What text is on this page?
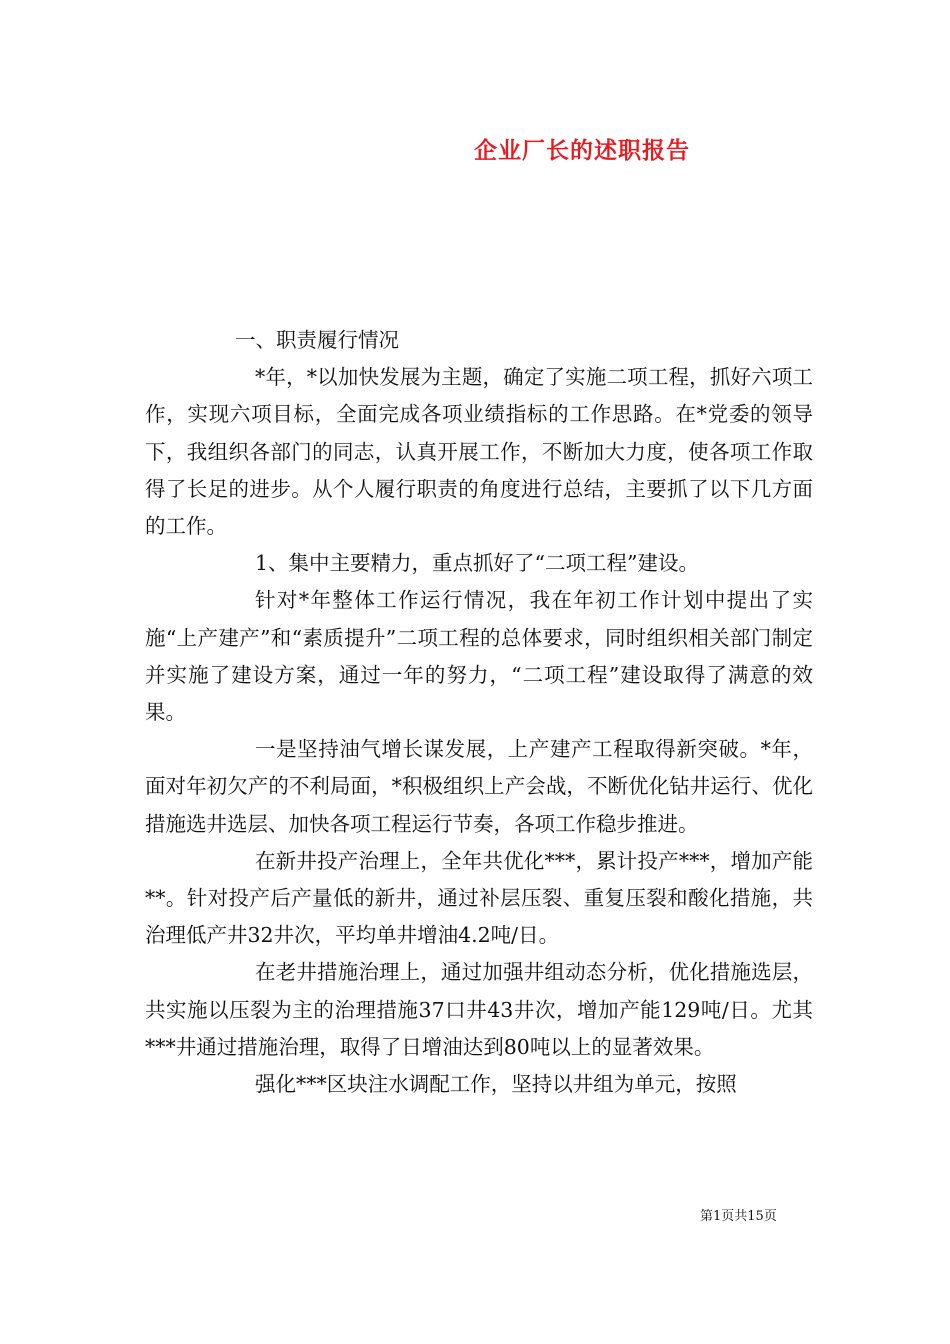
企业厂长的述职报告

一、职责履行情况

*年，*以加快发展为主题，确定了实施二项工程，抓好六项工作，实现六项目标，全面完成各项业绩指标的工作思路。在*党委的领导下，我组织各部门的同志，认真开展工作，不断加大力度，使各项工作取得了长足的进步。从个人履行职责的角度进行总结，主要抓了以下几方面的工作。

1、集中主要精力，重点抓好了“二项工程”建设。

针对*年整体工作运行情况，我在年初工作计划中提出了实施“上产建产”和“素质提升”二项工程的总体要求，同时组织相关部门制定并实施了建设方案，通过一年的努力，“二项工程”建设取得了满意的效果。

一是坚持油气增长谋发展，上产建产工程取得新突破。*年，面对年初欠产的不利局面，*积极组织上产会战，不断优化钻井运行、优化措施选井选层、加快各项工程运行节奏，各项工作稳步推进。

在新井投产治理上，全年共优化***，累计投产***，增加产能**。针对投产后产量低的新井，通过补层压裂、重复压裂和酸化措施，共治理低产井32井次，平均单井增油4.2吨/日。

在老井措施治理上，通过加强井组动态分析，优化措施选层，共实施以压裂为主的治理措施37口井43井次，增加产能129吨/日。尤其***井通过措施治理，取得了日增油达到80吨以上的显著效果。

强化***区块注水调配工作，坚持以井组为单元，按照

第1页共15页
